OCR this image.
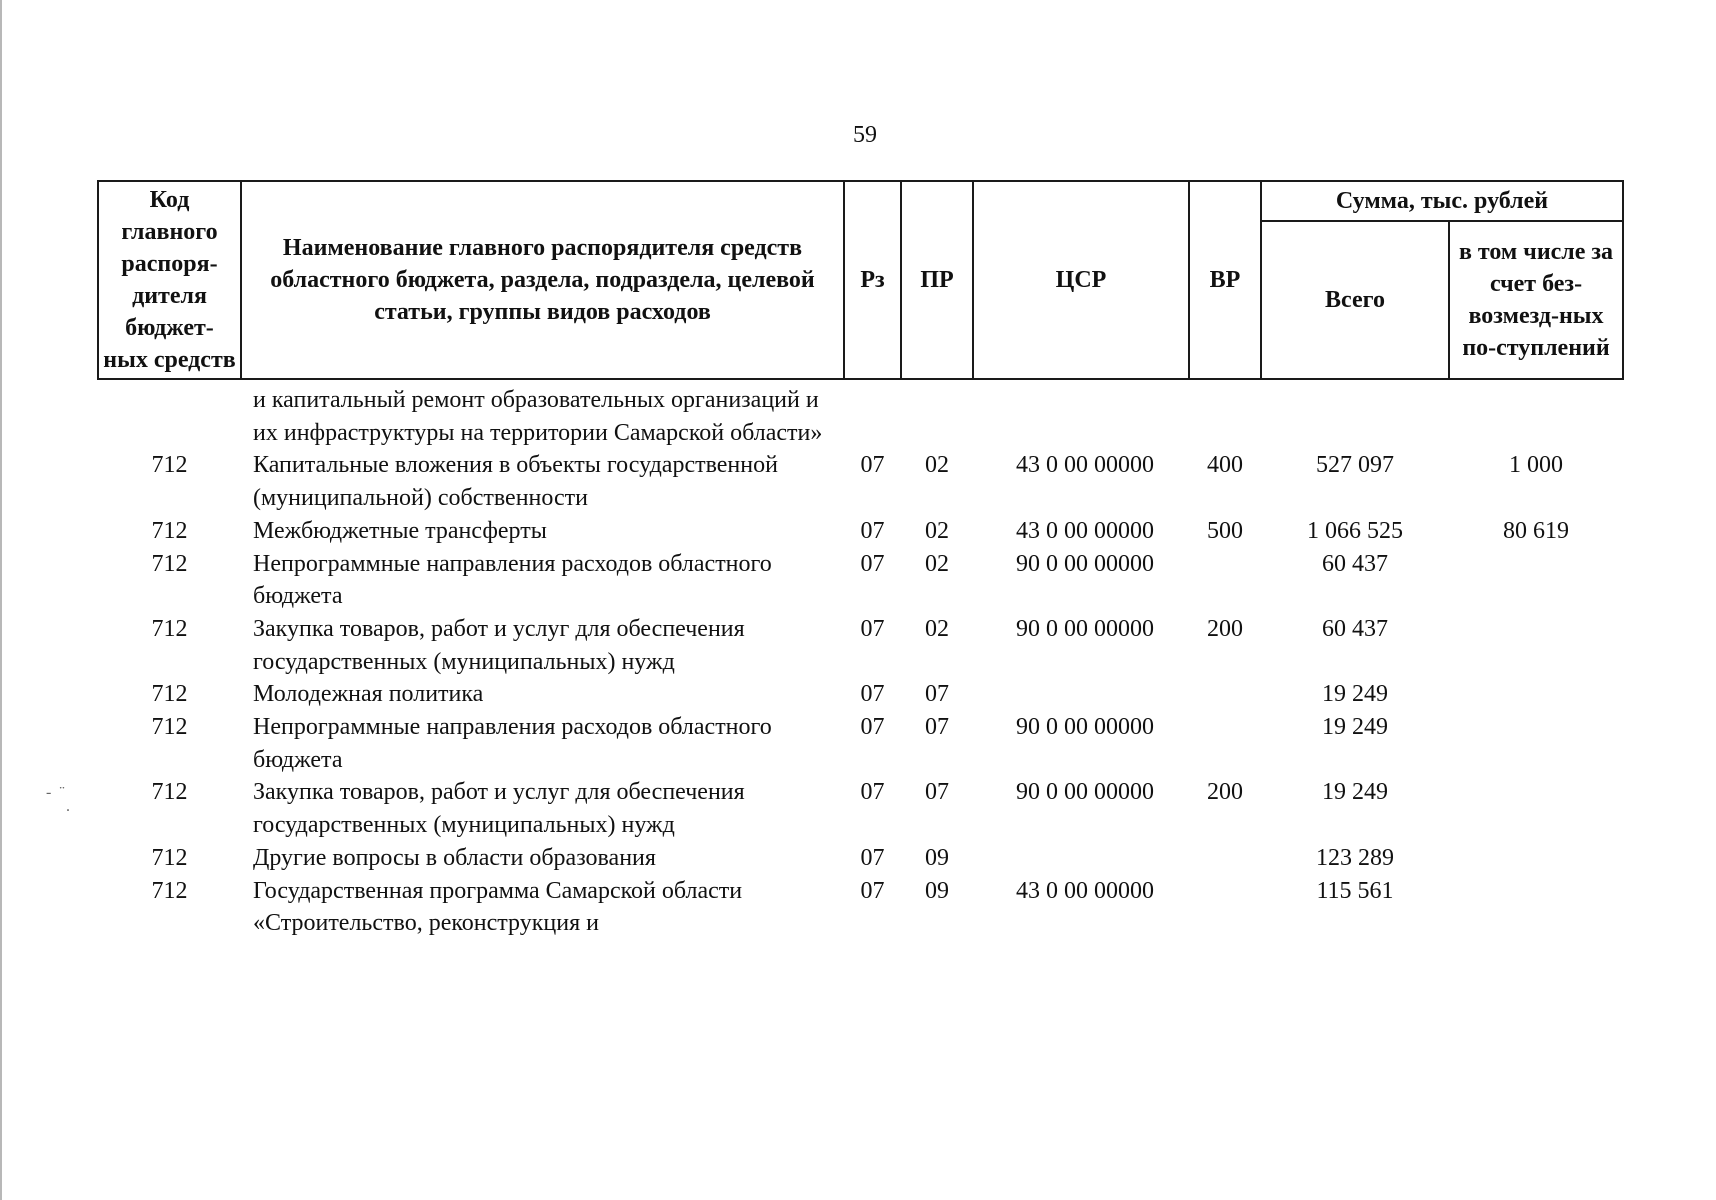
59
-  ¨
.
Код главного распоря-дителя бюджет-ных средств	Наименование главного распорядителя средств областного бюджета, раздела, подраздела, целевой статьи, группы видов расходов	Рз	ПР	ЦСР	ВР	Сумма, тыс. рублей	
						Всего	в том числе за счет без-возмезд-ных по-ступлений
	и капитальный ремонт образовательных организаций и их инфраструктуры на территории Самарской области»						
712	Капитальные вложения в объекты государственной (муниципальной) собственности	07	02	43 0 00 00000	400	527 097	1 000
712	Межбюджетные трансферты	07	02	43 0 00 00000	500	1 066 525	80 619
712	Непрограммные направления расходов областного бюджета	07	02	90 0 00 00000		60 437	
712	Закупка товаров, работ и услуг для обеспечения государственных (муниципальных) нужд	07	02	90 0 00 00000	200	60 437	
712	Молодежная политика	07	07			19 249	
712	Непрограммные направления расходов областного бюджета	07	07	90 0 00 00000		19 249	
712	Закупка товаров, работ и услуг для обеспечения государственных (муниципальных) нужд	07	07	90 0 00 00000	200	19 249	
712	Другие вопросы в области образования	07	09			123 289	
712	Государственная программа Самарской области «Строительство, реконструкция и	07	09	43 0 00 00000		115 561	
